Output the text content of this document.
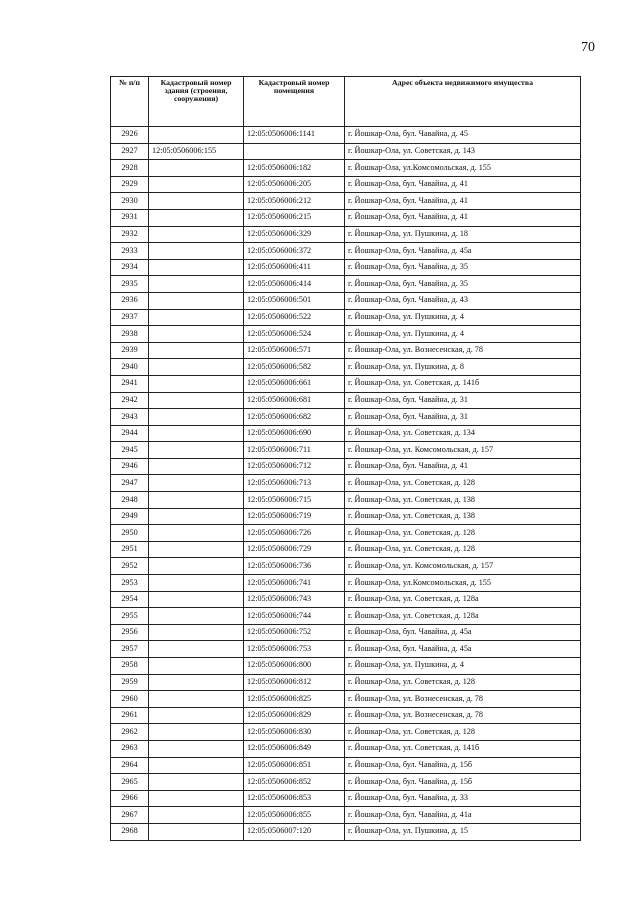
70
№ п/п	Кадастровый номер здания (строения, сооружения)	Кадастровый номер помещения	Адрес объекта недвижимого имущества
2926		12:05:0506006:1141	г. Йошкар-Ола, бул. Чавайна, д. 45
2927	12:05:0506006:155		г. Йошкар-Ола, ул. Советская, д. 143
2928		12:05:0506006:182	г. Йошкар-Ола, ул.Комсомольская, д. 155
2929		12:05:0506006:205	г. Йошкар-Ола, бул. Чавайна, д. 41
2930		12:05:0506006:212	г. Йошкар-Ола, бул. Чавайна, д. 41
2931		12:05:0506006:215	г. Йошкар-Ола, бул. Чавайна, д. 41
2932		12:05:0506006:329	г. Йошкар-Ола, ул. Пушкина, д. 18
2933		12:05:0506006:372	г. Йошкар-Ола, бул. Чавайна, д. 45а
2934		12:05:0506006:411	г. Йошкар-Ола, бул. Чавайна, д. 35
2935		12:05:0506006:414	г. Йошкар-Ола, бул. Чавайна, д. 35
2936		12:05:0506006:501	г. Йошкар-Ола, бул. Чавайна, д. 43
2937		12:05:0506006:522	г. Йошкар-Ола, ул. Пушкина, д. 4
2938		12:05:0506006:524	г. Йошкар-Ола, ул. Пушкина, д. 4
2939		12:05:0506006:571	г. Йошкар-Ола, ул. Вознесенская, д. 78
2940		12:05:0506006:582	г. Йошкар-Ола, ул. Пушкина, д. 8
2941		12:05:0506006:661	г. Йошкар-Ола, ул. Советская, д. 141б
2942		12:05:0506006:681	г. Йошкар-Ола, бул. Чавайна, д. 31
2943		12:05:0506006:682	г. Йошкар-Ола, бул. Чавайна, д. 31
2944		12:05:0506006:690	г. Йошкар-Ола, ул. Советская, д. 134
2945		12:05:0506006:711	г. Йошкар-Ола, ул. Комсомольская, д. 157
2946		12:05:0506006:712	г. Йошкар-Ола, бул. Чавайна, д. 41
2947		12:05:0506006:713	г. Йошкар-Ола, ул. Советская, д. 128
2948		12:05:0506006:715	г. Йошкар-Ола, ул. Советская, д. 138
2949		12:05:0506006:719	г. Йошкар-Ола, ул. Советская, д. 138
2950		12:05:0506006:726	г. Йошкар-Ола, ул. Советская, д. 128
2951		12:05:0506006:729	г. Йошкар-Ола, ул. Советская, д. 128
2952		12:05:0506006:736	г. Йошкар-Ола, ул. Комсомольская, д. 157
2953		12:05:0506006:741	г. Йошкар-Ола, ул.Комсомольская, д. 155
2954		12:05:0506006:743	г. Йошкар-Ола, ул. Советская, д. 128а
2955		12:05:0506006:744	г. Йошкар-Ола, ул. Советская, д. 128а
2956		12:05:0506006:752	г. Йошкар-Ола, бул. Чавайна, д. 45а
2957		12:05:0506006:753	г. Йошкар-Ола, бул. Чавайна, д. 45а
2958		12:05:0506006:800	г. Йошкар-Ола, ул. Пушкина, д. 4
2959		12:05:0506006:812	г. Йошкар-Ола, ул. Советская, д. 128
2960		12:05:0506006:825	г. Йошкар-Ола, ул. Вознесенская, д. 78
2961		12:05:0506006:829	г. Йошкар-Ола, ул. Вознесенская, д. 78
2962		12:05:0506006:830	г. Йошкар-Ола, ул. Советская, д. 128
2963		12:05:0506006:849	г. Йошкар-Ола, ул. Советская, д. 141б
2964		12:05:0506006:851	г. Йошкар-Ола, бул. Чавайна, д. 15б
2965		12:05:0506006:852	г. Йошкар-Ола, бул. Чавайна, д. 15б
2966		12:05:0506006:853	г. Йошкар-Ола, бул. Чавайна, д. 33
2967		12:05:0506006:855	г. Йошкар-Ола, бул. Чавайна, д. 41а
2968		12:05:0506007:120	г. Йошкар-Ола, ул. Пушкина, д. 15
